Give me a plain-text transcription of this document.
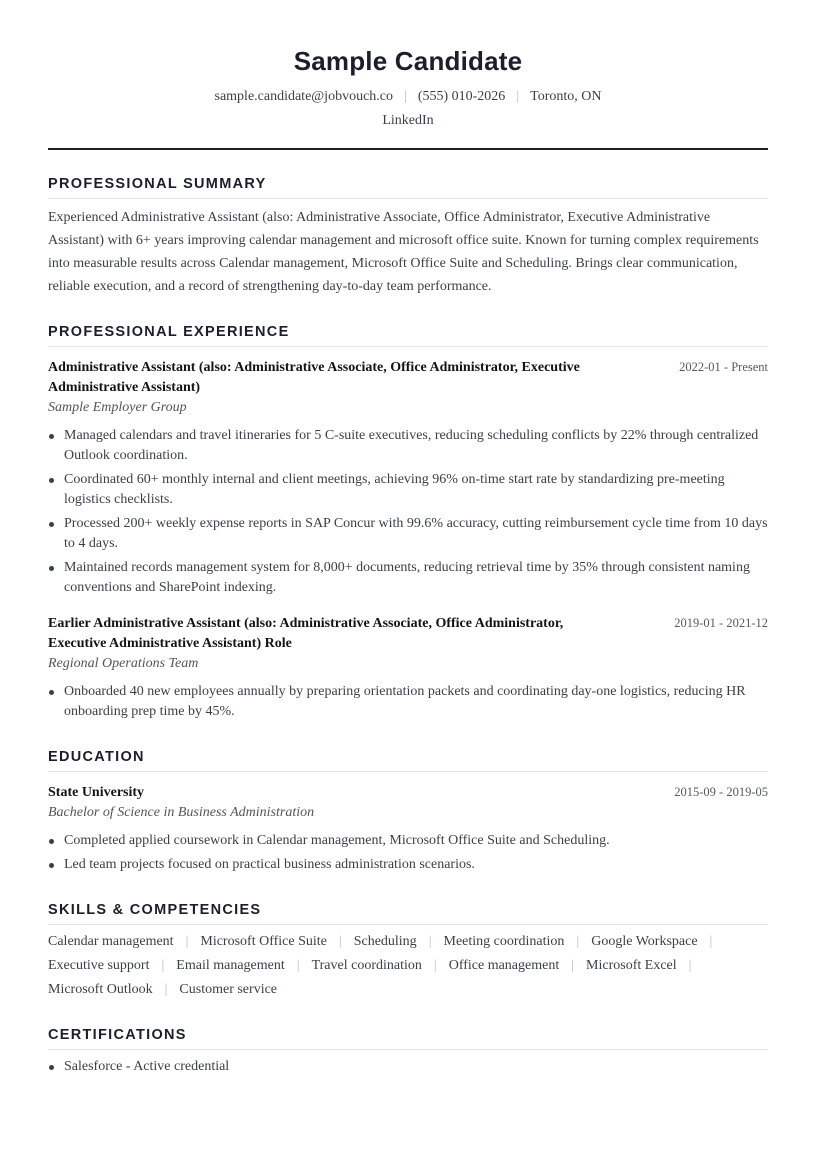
Sample Candidate
sample.candidate@jobvouch.co | (555) 010-2026 | Toronto, ON
LinkedIn
PROFESSIONAL SUMMARY
Experienced Administrative Assistant (also: Administrative Associate, Office Administrator, Executive Administrative Assistant) with 6+ years improving calendar management and microsoft office suite. Known for turning complex requirements into measurable results across Calendar management, Microsoft Office Suite and Scheduling. Brings clear communication, reliable execution, and a record of strengthening day-to-day team performance.
PROFESSIONAL EXPERIENCE
Administrative Assistant (also: Administrative Associate, Office Administrator, Executive Administrative Assistant)
2022-01 - Present
Sample Employer Group
Managed calendars and travel itineraries for 5 C-suite executives, reducing scheduling conflicts by 22% through centralized Outlook coordination.
Coordinated 60+ monthly internal and client meetings, achieving 96% on-time start rate by standardizing pre-meeting logistics checklists.
Processed 200+ weekly expense reports in SAP Concur with 99.6% accuracy, cutting reimbursement cycle time from 10 days to 4 days.
Maintained records management system for 8,000+ documents, reducing retrieval time by 35% through consistent naming conventions and SharePoint indexing.
Earlier Administrative Assistant (also: Administrative Associate, Office Administrator, Executive Administrative Assistant) Role
2019-01 - 2021-12
Regional Operations Team
Onboarded 40 new employees annually by preparing orientation packets and coordinating day-one logistics, reducing HR onboarding prep time by 45%.
EDUCATION
State University	2015-09 - 2019-05
Bachelor of Science in Business Administration
Completed applied coursework in Calendar management, Microsoft Office Suite and Scheduling.
Led team projects focused on practical business administration scenarios.
SKILLS & COMPETENCIES
Calendar management | Microsoft Office Suite | Scheduling | Meeting coordination | Google Workspace |
Executive support | Email management | Travel coordination | Office management | Microsoft Excel |
Microsoft Outlook | Customer service
CERTIFICATIONS
Salesforce - Active credential
